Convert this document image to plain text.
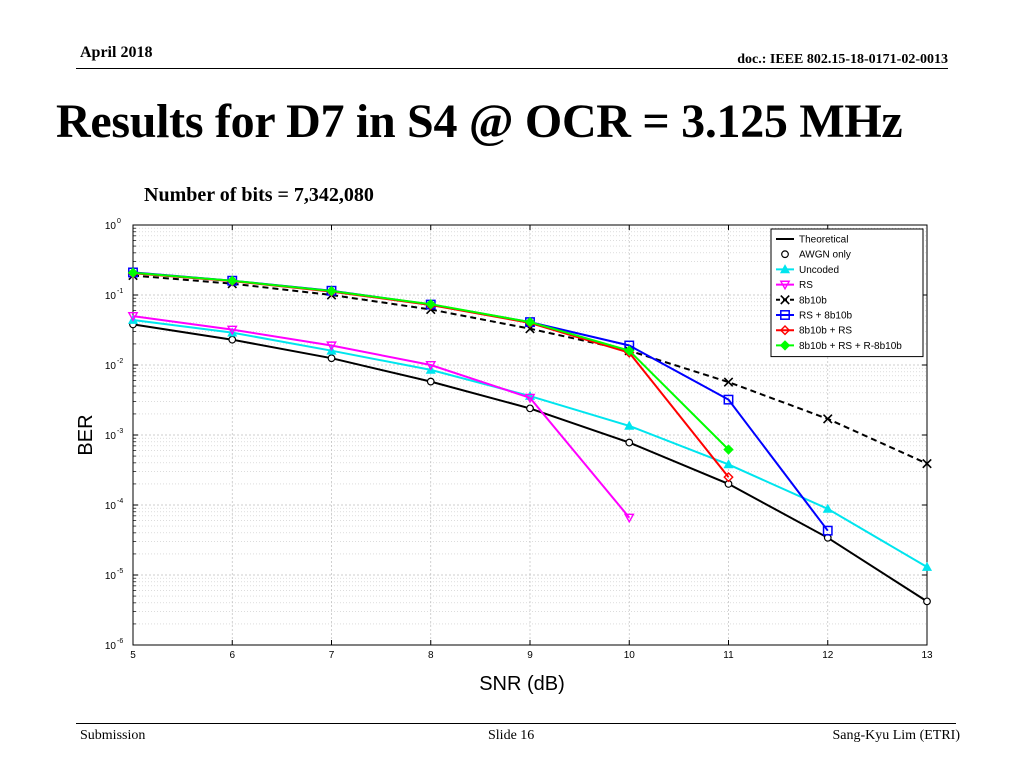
April 2018	doc.: IEEE 802.15-18-0171-02-0013
Results for D7 in S4 @ OCR = 3.125 MHz
Number of bits = 7,342,080
5	6	7	8	9	10	11	12	13
10 0
10 -1
10 -2
10 -3
10 -4
10 -5
10 -6
SNR (dB)
BER
Theoretical
AWGN only
Uncoded
RS
8b10b
RS + 8b10b
8b10b + RS
8b10b + RS + R-8b10b
Submission	Slide 16	Sang-Kyu Lim (ETRI)
